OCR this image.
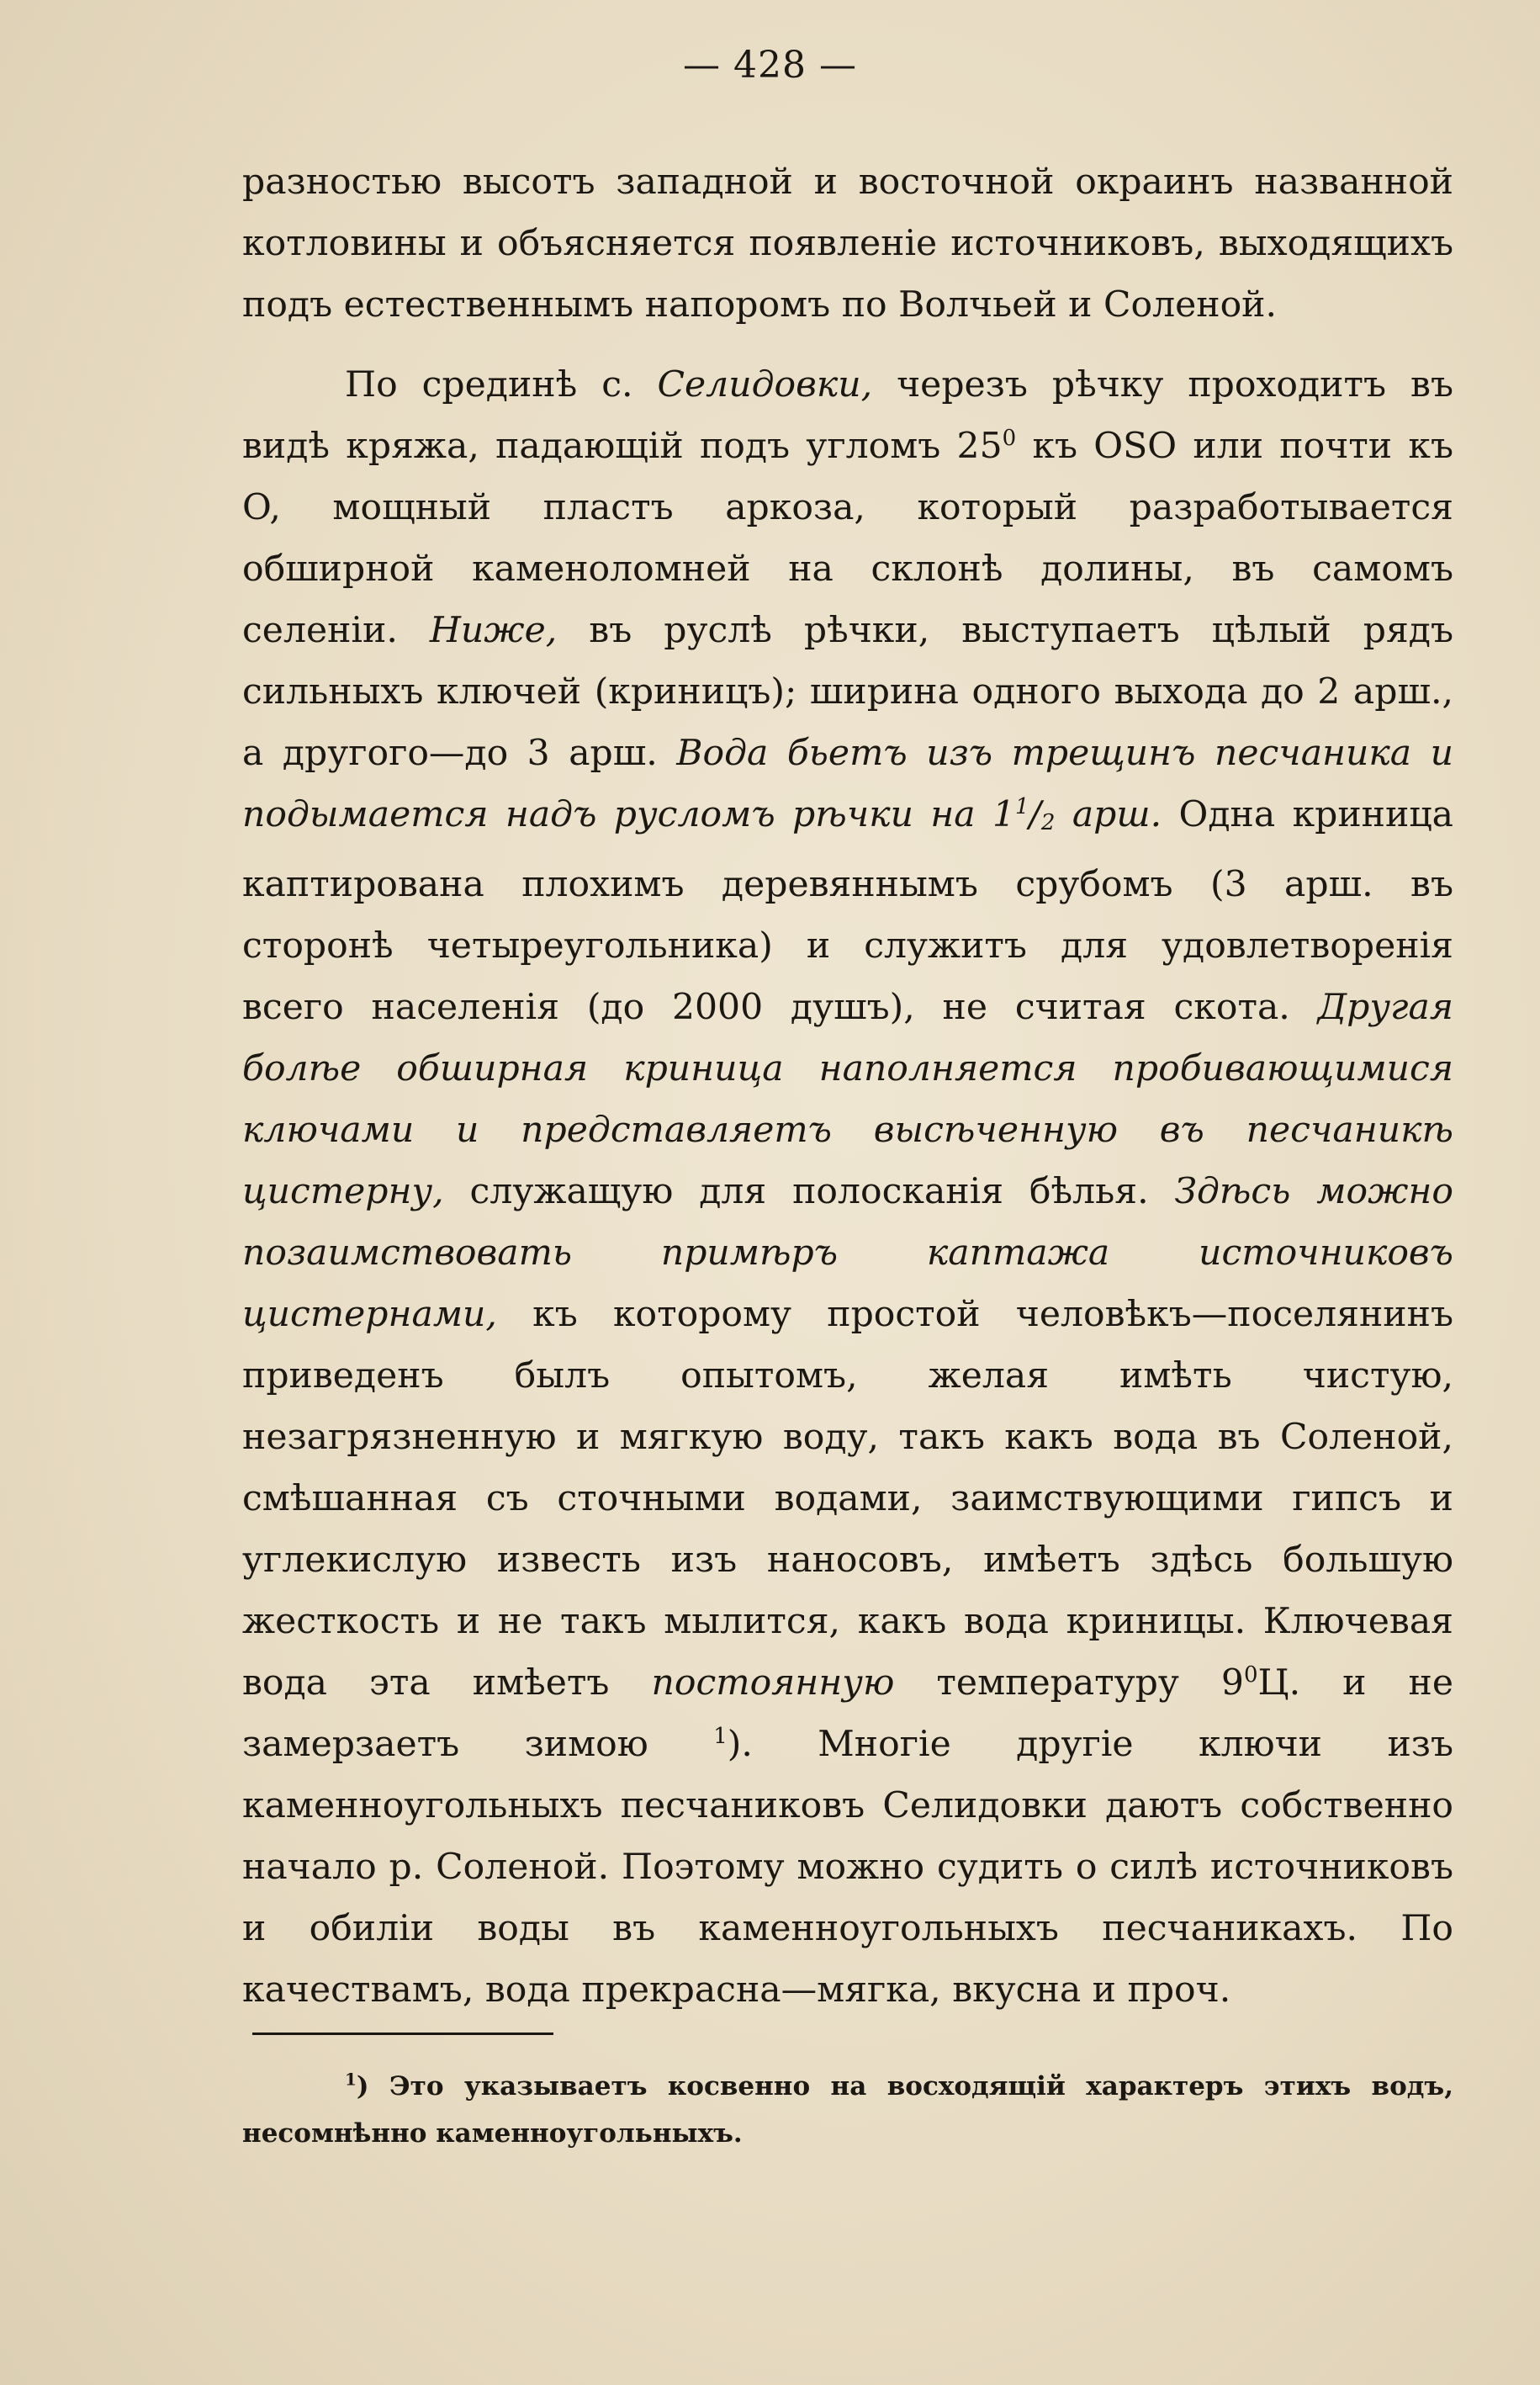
— 428 —

разностью высотъ западной и восточной окраинъ названной котловины и объясняется появленіе источниковъ, выходящихъ подъ естественнымъ напоромъ по Волчьей и Соленой.

По срединѣ с. Селидовки, черезъ рѣчку проходитъ въ видѣ кряжа, падающій подъ угломъ $25^0$ къ OSO или почти къ O, мощный пластъ аркоза, который разработывается обширной каменоломней на склонѣ долины, въ самомъ селеніи. Ниже, въ руслѣ рѣчки, выступаетъ цѣлый рядъ сильныхъ ключей (криницъ); ширина одного выхода до 2 арш., а другого—до 3 арш. Вода бьетъ изъ трещинъ песчаника и подымается надъ русломъ рѣчки на $1^1/2$ арш. Одна криница каптирована плохимъ деревяннымъ срубомъ (3 арш. въ сторонѣ четыреугольника) и служитъ для удовлетворенія всего населенія (до 2000 душъ), не считая скота. Другая болѣе обширная криница наполняется пробивающимися ключами и представляетъ высѣченную въ песчаникѣ цистерну, служащую для полосканія бѣлья. Здѣсь можно позаимствовать примѣръ каптажа источниковъ цистернами, къ которому простой человѣкъ—поселянинъ приведенъ былъ опытомъ, желая имѣть чистую, незагрязненную и мягкую воду, такъ какъ вода въ Соленой, смѣшанная съ сточными водами, заимствующими гипсъ и углекислую известь изъ наносовъ, имѣетъ здѣсь большую жесткость и не такъ мылится, какъ вода криницы. Ключевая вода эта имѣетъ постоянную температуру $9^0Ц$. и не замерзаетъ зимою $^1$). Многіе другіе ключи изъ каменноугольныхъ песчаниковъ Селидовки даютъ собственно начало р. Соленой. Поэтому можно судить о силѣ источниковъ и обиліи воды въ каменноугольныхъ песчаникахъ. По качествамъ, вода прекрасна—мягка, вкусна и проч.

$^1$) Это указываетъ косвенно на восходящій характеръ этихъ водъ, несомнѣнно каменноугольныхъ.
